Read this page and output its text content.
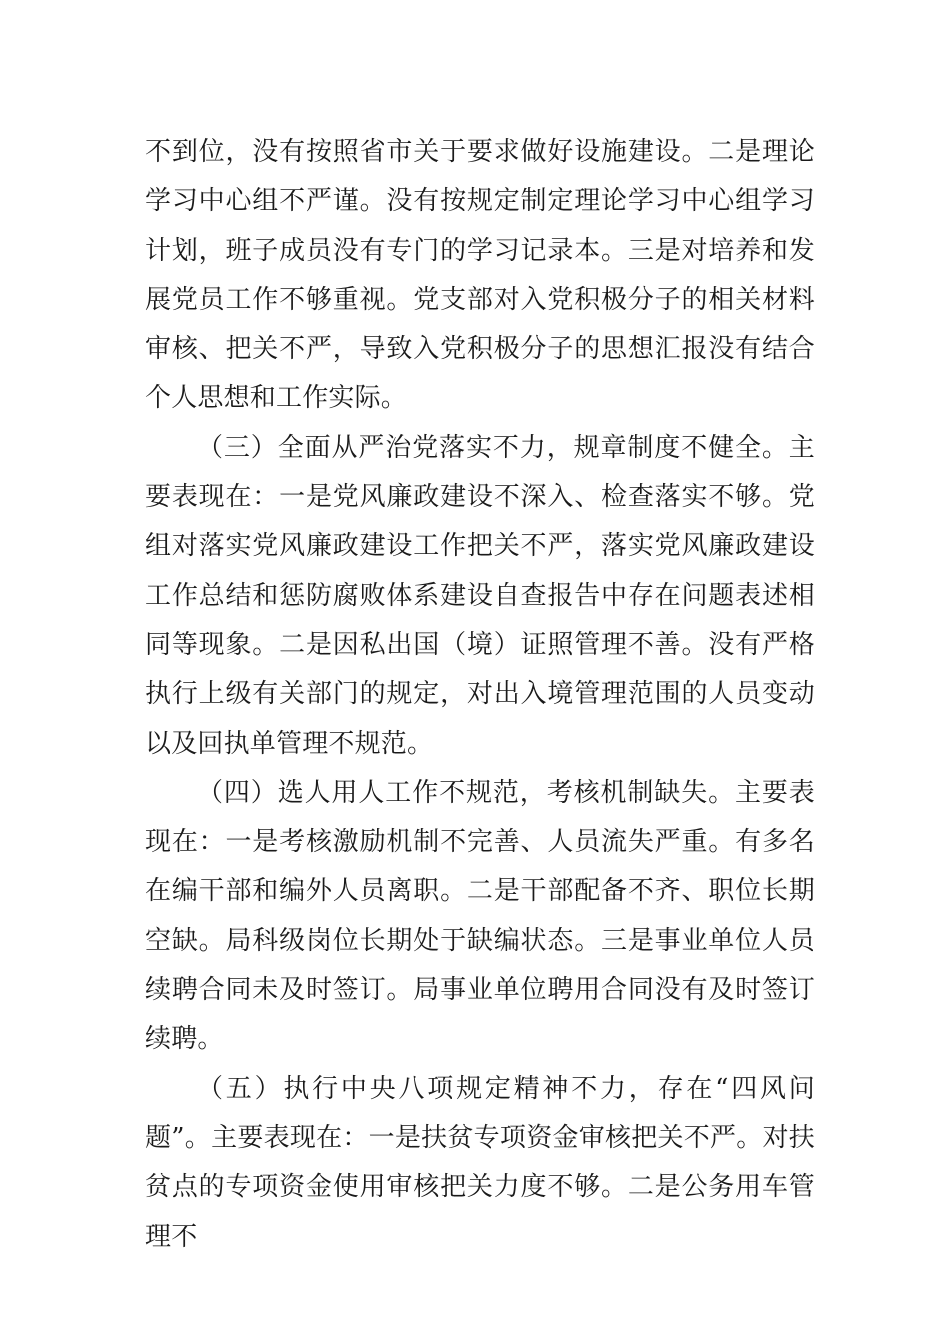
不到位，没有按照省市关于要求做好设施建设。二是理论学习中心组不严谨。没有按规定制定理论学习中心组学习计划，班子成员没有专门的学习记录本。三是对培养和发展党员工作不够重视。党支部对入党积极分子的相关材料审核、把关不严，导致入党积极分子的思想汇报没有结合个人思想和工作实际。

（三）全面从严治党落实不力，规章制度不健全。主要表现在：一是党风廉政建设不深入、检查落实不够。党组对落实党风廉政建设工作把关不严，落实党风廉政建设工作总结和惩防腐败体系建设自查报告中存在问题表述相同等现象。二是因私出国（境）证照管理不善。没有严格执行上级有关部门的规定，对出入境管理范围的人员变动以及回执单管理不规范。

（四）选人用人工作不规范，考核机制缺失。主要表现在：一是考核激励机制不完善、人员流失严重。有多名在编干部和编外人员离职。二是干部配备不齐、职位长期空缺。局科级岗位长期处于缺编状态。三是事业单位人员续聘合同未及时签订。局事业单位聘用合同没有及时签订续聘。

（五）执行中央八项规定精神不力，存在“四风问题”。主要表现在：一是扶贫专项资金审核把关不严。对扶贫点的专项资金使用审核把关力度不够。二是公务用车管理不
